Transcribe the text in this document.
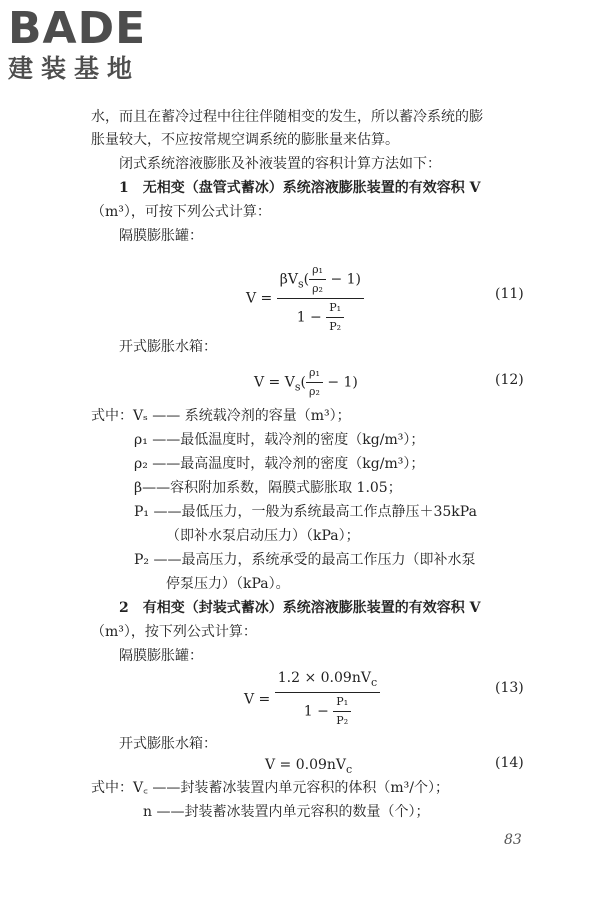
BADE
建装基地
水，而且在蓄冷过程中往往伴随相变的发生，所以蓄冷系统的膨
胀量较大，不应按常规空调系统的膨胀量来估算。
闭式系统溶液膨胀及补液装置的容积计算方法如下：
1　无相变（盘管式蓄冰）系统溶液膨胀装置的有效容积 V
（m³），可按下列公式计算：
隔膜膨胀罐：
$V = \frac{\beta V_s( \frac{\text{ρ₁}}{\text{ρ₂}} - 1)}{1 - \frac{\text{P₁}}{\text{P₂}}}$	(11)
开式膨胀水箱：
$V = V_s( \frac{\text{ρ₁}}{\text{ρ₂}} - 1)$	(12)
式中：Vₛ —— 系统载冷剂的容量（m³）；
ρ₁ ——最低温度时，载冷剂的密度（kg/m³）；
ρ₂ ——最高温度时，载冷剂的密度（kg/m³）；
β——容积附加系数，隔膜式膨胀取 1.05；
P₁ ——最低压力，一般为系统最高工作点静压＋35kPa
（即补水泵启动压力）（kPa）；
P₂ ——最高压力，系统承受的最高工作压力（即补水泵
停泵压力）（kPa）。
2　有相变（封装式蓄冰）系统溶液膨胀装置的有效容积 V
（m³），按下列公式计算：
隔膜膨胀罐：
$V = \frac{1.2 \times 0.09nV_c}{1 - \frac{\text{P₁}}{\text{P₂}}}$	(13)
开式膨胀水箱：
$V = 0.09nV_c$	(14)
式中：V꜀ ——封装蓄冰装置内单元容积的体积（m³/个）；
n ——封装蓄冰装置内单元容积的数量（个）；
83
